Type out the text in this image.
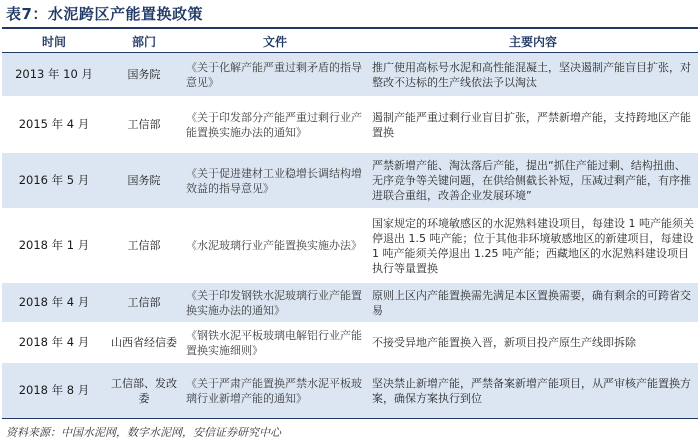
表7：水泥跨区产能置换政策
时间	部门	文件	主要内容
2013 年 10 月	国务院	《关于化解产能严重过剩矛盾的指导意见》	推广使用高标号水泥和高性能混凝土，坚决遏制产能盲目扩张，对整改不达标的生产线依法予以淘汰
2015 年 4 月	工信部	《关于印发部分产能严重过剩行业产能置换实施办法的通知》	遏制产能严重过剩行业盲目扩张，严禁新增产能，支持跨地区产能置换
2016 年 5 月	国务院	《关于促进建材工业稳增长调结构增效益的指导意见》	严禁新增产能、淘汰落后产能，提出“抓住产能过剩、结构扭曲、无序竞争等关键问题，在供给侧截长补短，压减过剩产能，有序推进联合重组，改善企业发展环境”
2018 年 1 月	工信部	《水泥玻璃行业产能置换实施办法》	国家规定的环境敏感区的水泥熟料建设项目，每建设 1 吨产能须关停退出 1.5 吨产能；位于其他非环境敏感地区的新建项目，每建设 1 吨产能须关停退出 1.25 吨产能；西藏地区的水泥熟料建设项目执行等量置换
2018 年 4 月	工信部	《关于印发钢铁水泥玻璃行业产能置换实施办法的通知》	原则上区内产能置换需先满足本区置换需要，确有剩余的可跨省交易
2018 年 4 月	山西省经信委	《钢铁水泥平板玻璃电解铝行业产能置换实施细则》	不接受异地产能置换入晋，新项目投产原生产线即拆除
2018 年 8 月	工信部、发改委	《关于严肃产能置换严禁水泥平板玻璃行业新增产能的通知》	坚决禁止新增产能，严禁备案新增产能项目，从严审核产能置换方案，确保方案执行到位
资料来源：中国水泥网，数字水泥网，安信证券研究中心
